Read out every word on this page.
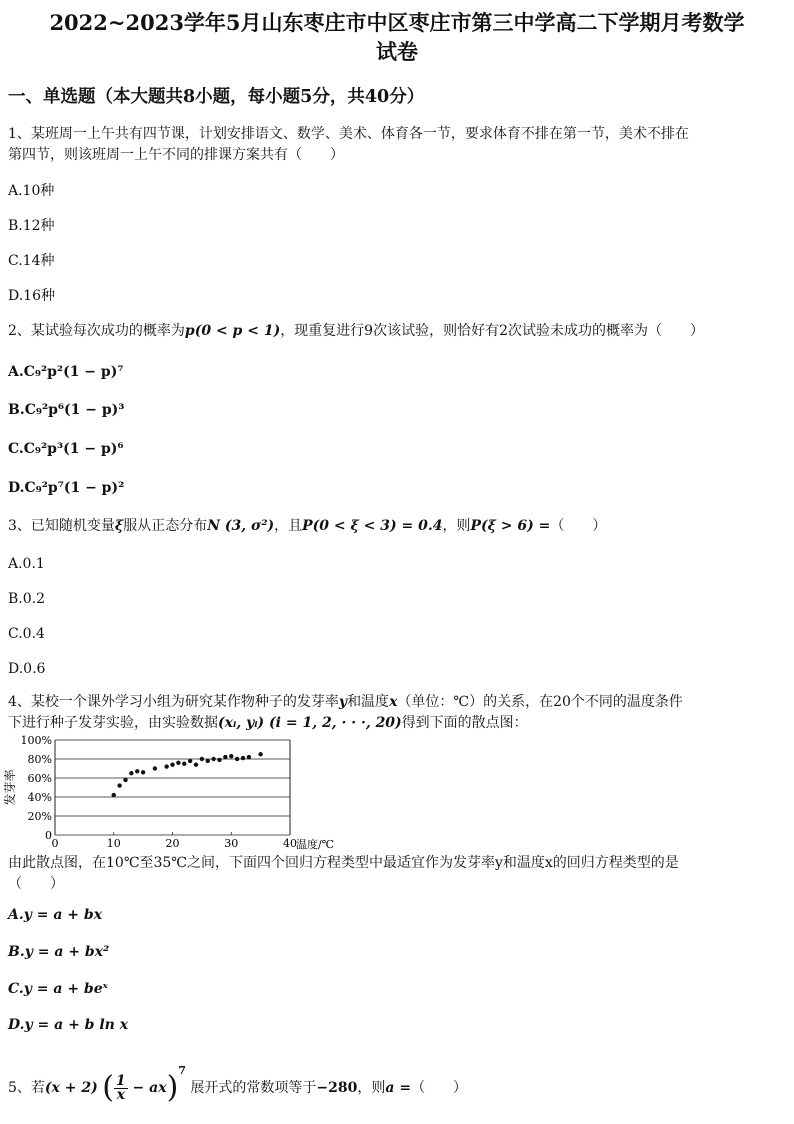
2022~2023学年5月山东枣庄市中区枣庄市第三中学高二下学期月考数学
试卷
一、单选题（本大题共8小题，每小题5分，共40分）
1、某班周一上午共有四节课，计划安排语文、数学、美术、体育各一节，要求体育不排在第一节，美术不排在
第四节，则该班周一上午不同的排课方案共有（　　）
A.10种
B.12种
C.14种
D.16种
2、某试验每次成功的概率为p(0 < p < 1)，现重复进行9次该试验，则恰好有2次试验未成功的概率为（　　）
A.C₉²p²(1 − p)⁷
B.C₉²p⁶(1 − p)³
C.C₉²p³(1 − p)⁶
D.C₉²p⁷(1 − p)²
3、已知随机变量ξ服从正态分布N (3, σ²)，且P(0 < ξ < 3) = 0.4，则P(ξ > 6) =（　　）
A.0.1
B.0.2
C.0.4
D.0.6
4、某校一个课外学习小组为研究某作物种子的发芽率y和温度x（单位：℃）的关系，在20个不同的温度条件
下进行种子发芽实验，由实验数据(xᵢ, yᵢ) (i = 1, 2, · · ·, 20)得到下面的散点图：
0
20%
40%
60%
80%
100%
0	10	20	30	40 温度/℃
发芽率
由此散点图，在10℃至35℃之间，下面四个回归方程类型中最适宜作为发芽率y和温度x的回归方程类型的是
（　　）
A.y = a + bx
B.y = a + bx²
C.y = a + beˣ
D.y = a + b ln x
5、若(x + 2) ( $\frac{1}{x} - ax)^7$ 展开式的常数项等于−280，则a =（　　）
